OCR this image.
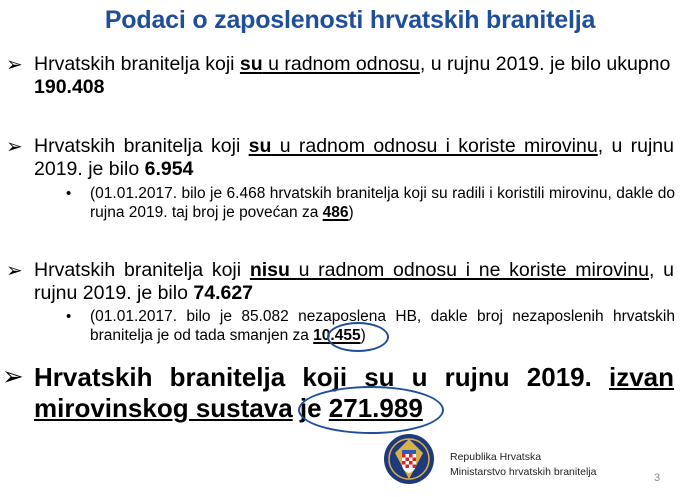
Podaci o zaposlenosti hrvatskih branitelja
➢ Hrvatskih branitelja koji su u radnom odnosu, u rujnu 2019. je bilo ukupno 190.408
➢ Hrvatskih branitelja koji su u radnom odnosu i koriste mirovinu, u rujnu 2019. je bilo 6.954
• (01.01.2017. bilo je 6.468 hrvatskih branitelja koji su radili i koristili mirovinu, dakle do rujna 2019. taj broj je povećan za 486)
➢ Hrvatskih branitelja koji nisu u radnom odnosu i ne koriste mirovinu, u rujnu 2019. je bilo 74.627
• (01.01.2017. bilo je 85.082 nezaposlena HB, dakle broj nezaposlenih hrvatskih branitelja je od tada smanjen za 10.455)
➢ Hrvatskih branitelja koji su u rujnu 2019. izvan mirovinskog sustava je 271.989
Republika Hrvatska
Ministarstvo hrvatskih branitelja	3
